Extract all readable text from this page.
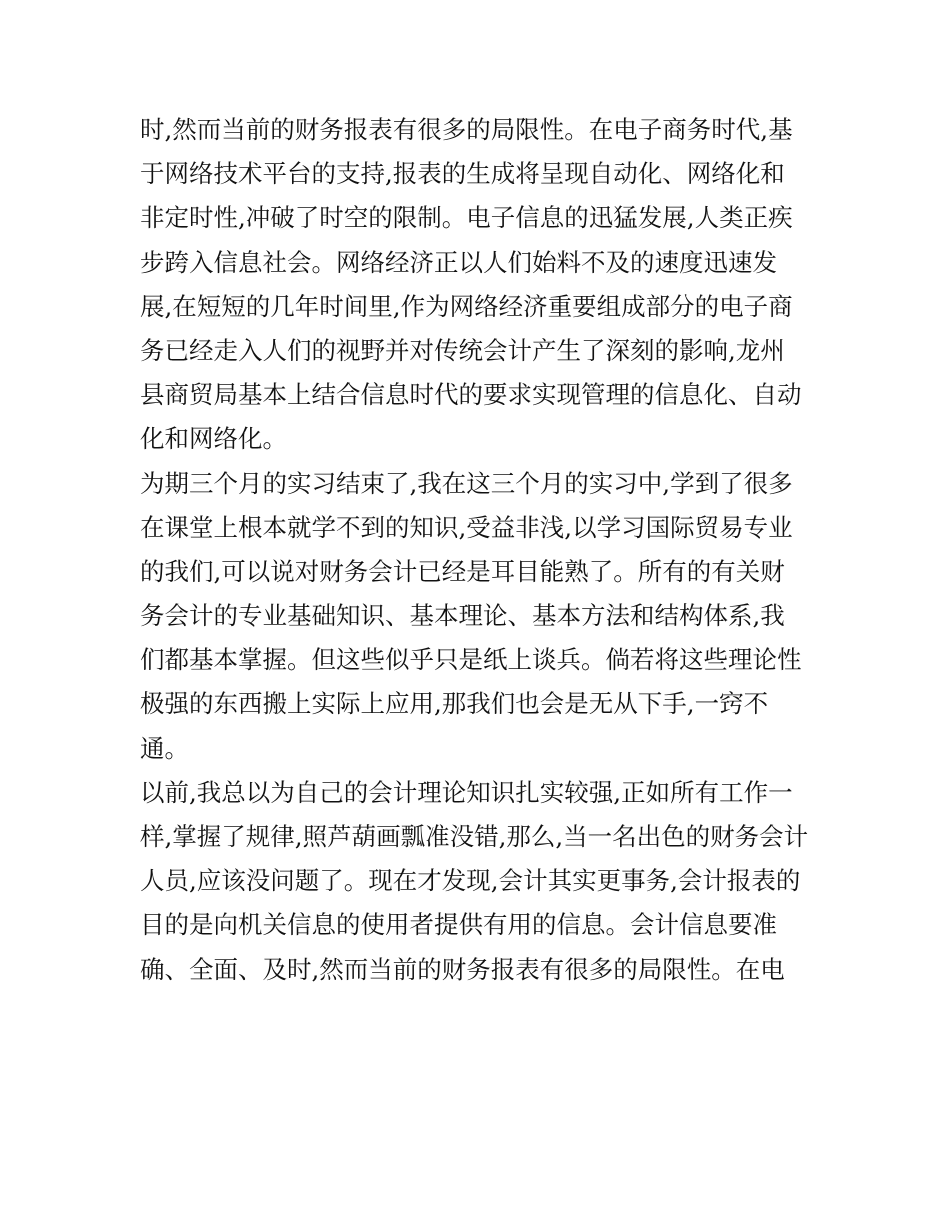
时,然而当前的财务报表有很多的局限性。在电子商务时代,基
于网络技术平台的支持,报表的生成将呈现自动化、网络化和
非定时性,冲破了时空的限制。电子信息的迅猛发展,人类正疾
步跨入信息社会。网络经济正以人们始料不及的速度迅速发
展,在短短的几年时间里,作为网络经济重要组成部分的电子商
务已经走入人们的视野并对传统会计产生了深刻的影响,龙州
县商贸局基本上结合信息时代的要求实现管理的信息化、自动
化和网络化。
为期三个月的实习结束了,我在这三个月的实习中,学到了很多
在课堂上根本就学不到的知识,受益非浅,以学习国际贸易专业
的我们,可以说对财务会计已经是耳目能熟了。所有的有关财
务会计的专业基础知识、基本理论、基本方法和结构体系,我
们都基本掌握。但这些似乎只是纸上谈兵。倘若将这些理论性
极强的东西搬上实际上应用,那我们也会是无从下手,一窍不
通。
以前,我总以为自己的会计理论知识扎实较强,正如所有工作一
样,掌握了规律,照芦葫画瓢准没错,那么,当一名出色的财务会计
人员,应该没问题了。现在才发现,会计其实更事务,会计报表的
目的是向机关信息的使用者提供有用的信息。会计信息要准
确、全面、及时,然而当前的财务报表有很多的局限性。在电
